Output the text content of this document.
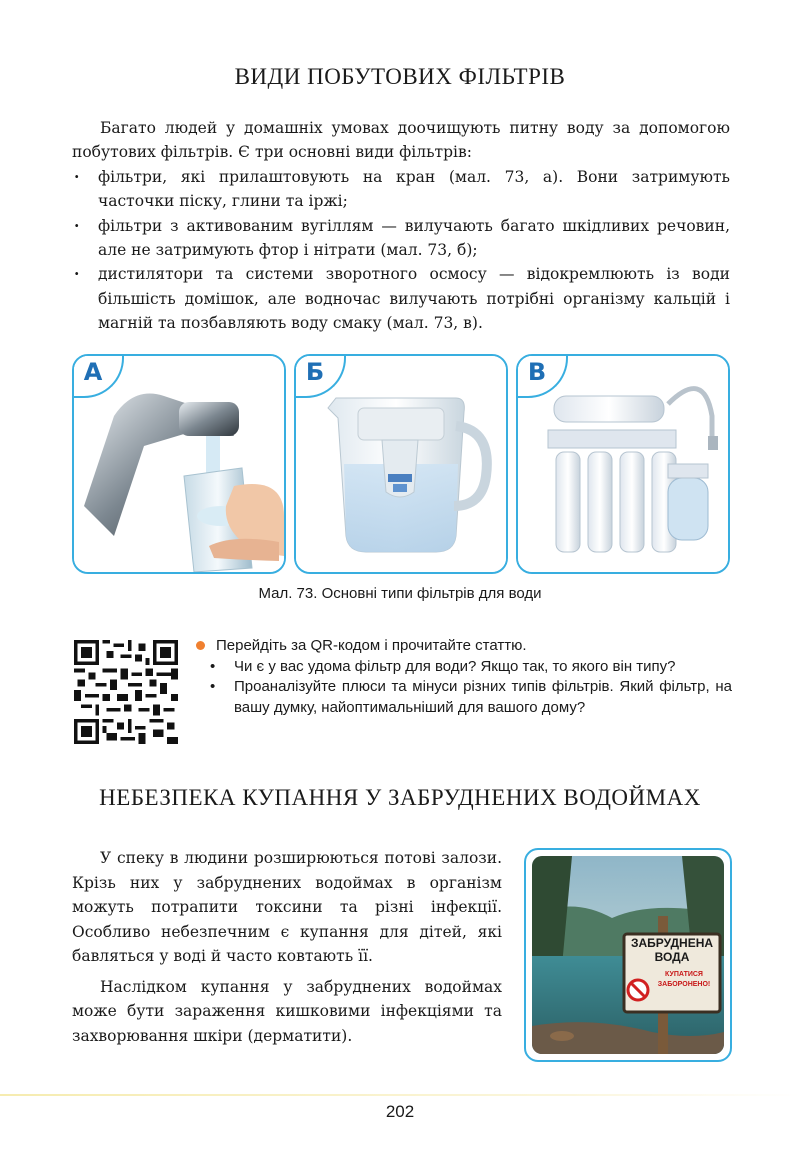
ВИДИ ПОБУТОВИХ ФІЛЬТРІВ

Багато людей у домашніх умовах доочищують питну воду за допомогою побутових фільтрів. Є три основні види фільтрів:

· фільтри, які прилаштовують на кран (мал. 73, а). Вони затримують часточки піску, глини та іржі;
· фільтри з активованим вугіллям — вилучають багато шкідливих речовин, але не затримують фтор і нітрати (мал. 73, б);
· дистилятори та системи зворотного осмосу — відокремлюють із води більшість домішок, але водночас вилучають потрібні організму кальцій і магній та позбавляють воду смаку (мал. 73, в).
А	Б	В
Мал. 73. Основні типи фільтрів для води
Перейдіть за QR-кодом і прочитайте статтю.
• Чи є у вас удома фільтр для води? Якщо так, то якого він типу?
• Проаналізуйте плюси та мінуси різних типів фільтрів. Який фільтр, на вашу думку, найоптимальніший для вашого дому?
НЕБЕЗПЕКА КУПАННЯ У ЗАБРУДНЕНИХ ВОДОЙМАХ

У спеку в людини розширюються потові залози. Крізь них у забруднених водоймах в організм можуть потрапити токсини та різні інфекції. Особливо небезпечним є купання для дітей, які бавляться у воді й часто ковтають її.

Наслідком купання у забруднених водоймах може бути зараження кишковими інфекціями та захворювання шкіри (дерматити).

ЗАБРУДНЕНА
ВОДА
КУПАТИСЯ
ЗАБОРОНЕНО!
202
